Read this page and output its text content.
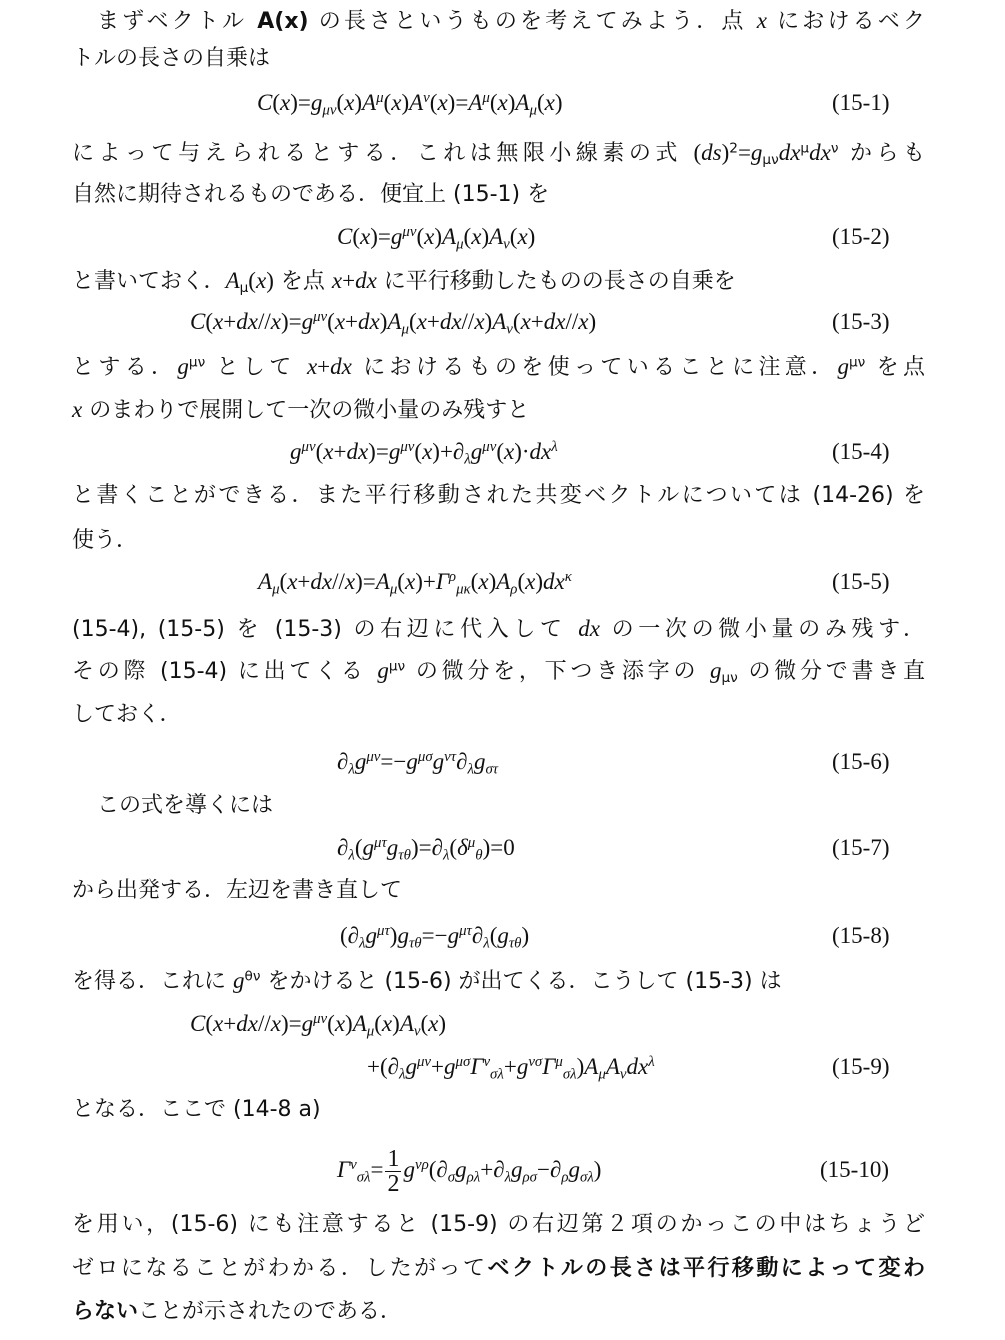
まずベクトル A(x) の長さというものを考えてみよう．点 x におけるベク
トルの長さの自乗は
$C(x)=g_{\mu\nu}(x)A^\mu(x)A^\nu(x)=A^\mu(x)A_\mu(x)$	(15-1)
によって与えられるとする．これは無限小線素の式 $(ds)^2=g_{\mu\nu}dx^\mu dx^\nu$ からも
自然に期待されるものである．便宜上 (15-1) を
$C(x)=g^{\mu\nu}(x)A_\mu(x)A_\nu(x)$	(15-2)
と書いておく．$A_\mu(x)$ を点 x+dx に平行移動したものの長さの自乗を
$C(x+dx//x)=g^{\mu\nu}(x+dx)A_\mu(x+dx//x)A_\nu(x+dx//x)$	(15-3)
とする．$g^{\mu\nu}$ として x+dx におけるものを使っていることに注意．$g^{\mu\nu}$ を点
x のまわりで展開して一次の微小量のみ残すと
$g^{\mu\nu}(x+dx)=g^{\mu\nu}(x)+\partial_\lambda g^{\mu\nu}(x)\cdot dx^\lambda$	(15-4)
と書くことができる．また平行移動された共変ベクトルについては (14-26) を
使う．
$A_\mu(x+dx//x)=A_\mu(x)+\Gamma^\rho_{\mu\kappa}(x)A_\rho(x)dx^\kappa$	(15-5)
(15-4), (15-5) を (15-3) の右辺に代入して dx の一次の微小量のみ残す．
その際 (15-4) に出てくる $g^{\mu\nu}$ の微分を，下つき添字の $g_{\mu\nu}$ の微分で書き直
しておく．
$\partial_\lambda g^{\mu\nu}=-g^{\mu\sigma}g^{\nu\tau}\partial_\lambda g_{\sigma\tau}$	(15-6)
この式を導くには
$\partial_\lambda(g^{\mu\tau}g_{\tau\theta})=\partial_\lambda(\delta^\mu_\theta)=0$	(15-7)
から出発する．左辺を書き直して
$(\partial_\lambda g^{\mu\tau})g_{\tau\theta}=-g^{\mu\tau}\partial_\lambda(g_{\tau\theta})$	(15-8)
を得る．これに $g^{\theta\nu}$ をかけると (15-6) が出てくる．こうして (15-3) は
$C(x+dx//x)=g^{\mu\nu}(x)A_\mu(x)A_\nu(x)$
$+(\partial_\lambda g^{\mu\nu}+g^{\mu\sigma}\Gamma^\nu_{\sigma\lambda}+g^{\nu\sigma}\Gamma^\mu_{\sigma\lambda})A_\mu A_\nu dx^\lambda$	(15-9)
となる．ここで (14-8 a)
$\Gamma^\nu_{\sigma\lambda}= \frac{1}{2} g^{\nu\rho}(\partial_\sigma g_{\rho\lambda}+\partial_\lambda g_{\rho\sigma}-\partial_\rho g_{\sigma\lambda})$	(15-10)
を用い，(15-6) にも注意すると (15-9) の右辺第２項のかっこの中はちょうど
ゼロになることがわかる．したがってベクトルの長さは平行移動によって変わ
らないことが示されたのである．
